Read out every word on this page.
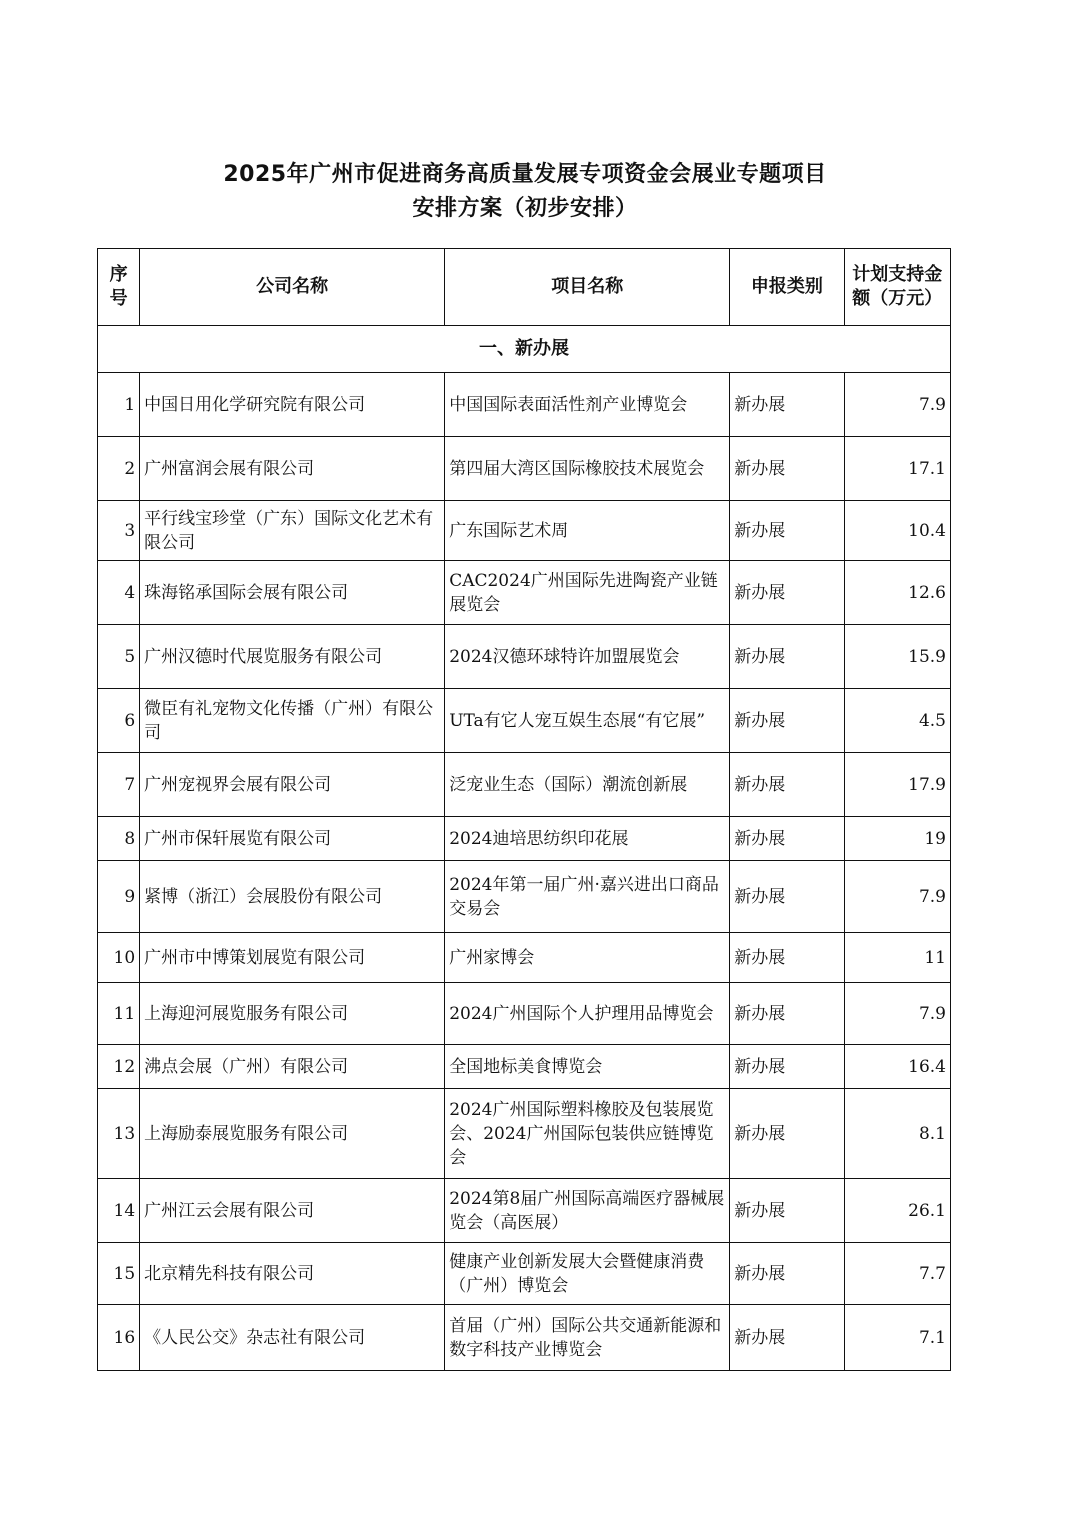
2025年广州市促进商务高质量发展专项资金会展业专题项目
安排方案（初步安排）
序号	公司名称	项目名称	申报类别	计划支持金额（万元）
一、新办展				
1	中国日用化学研究院有限公司	中国国际表面活性剂产业博览会	新办展	7.9
2	广州富润会展有限公司	第四届大湾区国际橡胶技术展览会	新办展	17.1
3	平行线宝珍堂（广东）国际文化艺术有限公司	广东国际艺术周	新办展	10.4
4	珠海铭承国际会展有限公司	CAC2024广州国际先进陶瓷产业链展览会	新办展	12.6
5	广州汉德时代展览服务有限公司	2024汉德环球特许加盟展览会	新办展	15.9
6	微臣有礼宠物文化传播（广州）有限公司	UTa有它人宠互娱生态展“有它展”	新办展	4.5
7	广州宠视界会展有限公司	泛宠业生态（国际）潮流创新展	新办展	17.9
8	广州市保轩展览有限公司	2024迪培思纺织印花展	新办展	19
9	紧博（浙江）会展股份有限公司	2024年第一届广州·嘉兴进出口商品交易会	新办展	7.9
10	广州市中博策划展览有限公司	广州家博会	新办展	11
11	上海迎河展览服务有限公司	2024广州国际个人护理用品博览会	新办展	7.9
12	沸点会展（广州）有限公司	全国地标美食博览会	新办展	16.4
13	上海励泰展览服务有限公司	2024广州国际塑料橡胶及包装展览会、2024广州国际包装供应链博览会	新办展	8.1
14	广州江云会展有限公司	2024第8届广州国际高端医疗器械展览会（高医展）	新办展	26.1
15	北京精先科技有限公司	健康产业创新发展大会暨健康消费（广州）博览会	新办展	7.7
16	《人民公交》杂志社有限公司	首届（广州）国际公共交通新能源和数字科技产业博览会	新办展	7.1
